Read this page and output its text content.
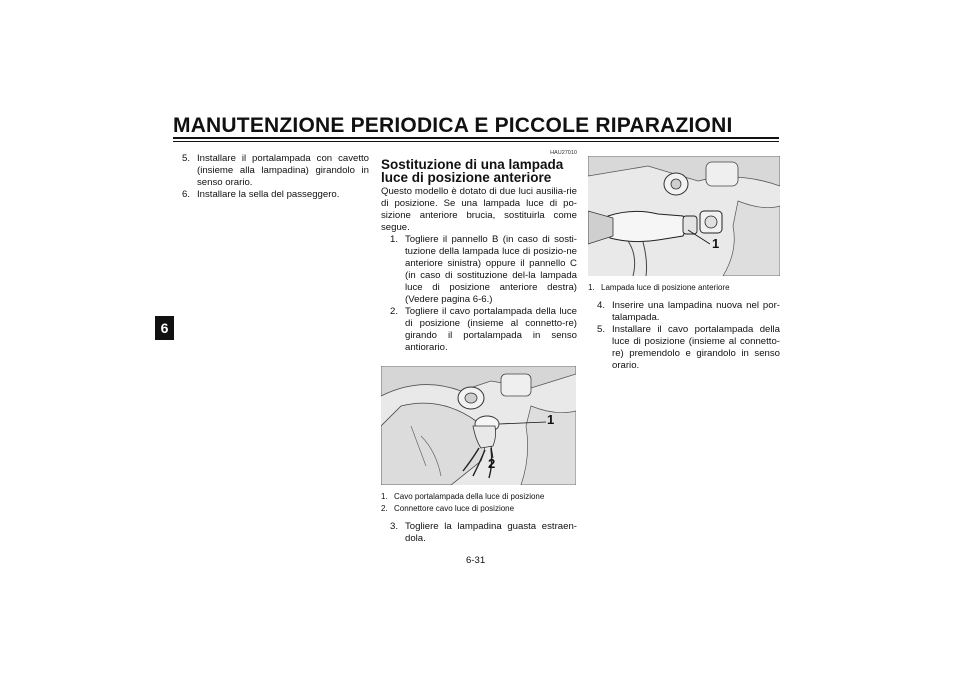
MANUTENZIONE PERIODICA E PICCOLE RIPARAZIONI
6
5. Installare il portalampada con cavetto (insieme alla lampadina) girandolo in senso orario.
6. Installare la sella del passeggero.
HAU27010
Sostituzione di una lampada luce di posizione anteriore
Questo modello è dotato di due luci ausilia-rie di posizione. Se una lampada luce di po-sizione anteriore brucia, sostituirla come segue.
1. Togliere il pannello B (in caso di sosti-tuzione della lampada luce di posizio-ne anteriore sinistra) oppure il pannello C (in caso di sostituzione del-la lampada luce di posizione anteriore destra) (Vedere pagina 6-6.)
2. Togliere il cavo portalampada della luce di posizione (insieme al connetto-re) girando il portalampada in senso antiorario.
1
2
1. Cavo portalampada della luce di posizione
2. Connettore cavo luce di posizione
3. Togliere la lampadina guasta estraen-dola.
1
1. Lampada luce di posizione anteriore
4. Inserire una lampadina nuova nel por-talampada.
5. Installare il cavo portalampada della luce di posizione (insieme al connetto-re) premendolo e girandolo in senso orario.
6-31
